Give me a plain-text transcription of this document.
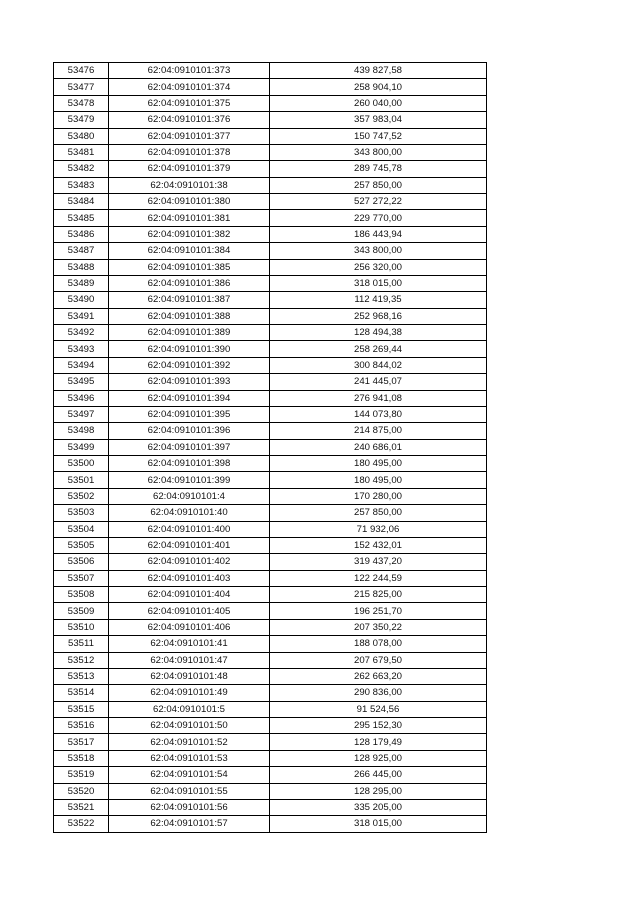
53476	62:04:0910101:373	439 827,58
53477	62:04:0910101:374	258 904,10
53478	62:04:0910101:375	260 040,00
53479	62:04:0910101:376	357 983,04
53480	62:04:0910101:377	150 747,52
53481	62:04:0910101:378	343 800,00
53482	62:04:0910101:379	289 745,78
53483	62:04:0910101:38	257 850,00
53484	62:04:0910101:380	527 272,22
53485	62:04:0910101:381	229 770,00
53486	62:04:0910101:382	186 443,94
53487	62:04:0910101:384	343 800,00
53488	62:04:0910101:385	256 320,00
53489	62:04:0910101:386	318 015,00
53490	62:04:0910101:387	112 419,35
53491	62:04:0910101:388	252 968,16
53492	62:04:0910101:389	128 494,38
53493	62:04:0910101:390	258 269,44
53494	62:04:0910101:392	300 844,02
53495	62:04:0910101:393	241 445,07
53496	62:04:0910101:394	276 941,08
53497	62:04:0910101:395	144 073,80
53498	62:04:0910101:396	214 875,00
53499	62:04:0910101:397	240 686,01
53500	62:04:0910101:398	180 495,00
53501	62:04:0910101:399	180 495,00
53502	62:04:0910101:4	170 280,00
53503	62:04:0910101:40	257 850,00
53504	62:04:0910101:400	71 932,06
53505	62:04:0910101:401	152 432,01
53506	62:04:0910101:402	319 437,20
53507	62:04:0910101:403	122 244,59
53508	62:04:0910101:404	215 825,00
53509	62:04:0910101:405	196 251,70
53510	62:04:0910101:406	207 350,22
53511	62:04:0910101:41	188 078,00
53512	62:04:0910101:47	207 679,50
53513	62:04:0910101:48	262 663,20
53514	62:04:0910101:49	290 836,00
53515	62:04:0910101:5	91 524,56
53516	62:04:0910101:50	295 152,30
53517	62:04:0910101:52	128 179,49
53518	62:04:0910101:53	128 925,00
53519	62:04:0910101:54	266 445,00
53520	62:04:0910101:55	128 295,00
53521	62:04:0910101:56	335 205,00
53522	62:04:0910101:57	318 015,00
